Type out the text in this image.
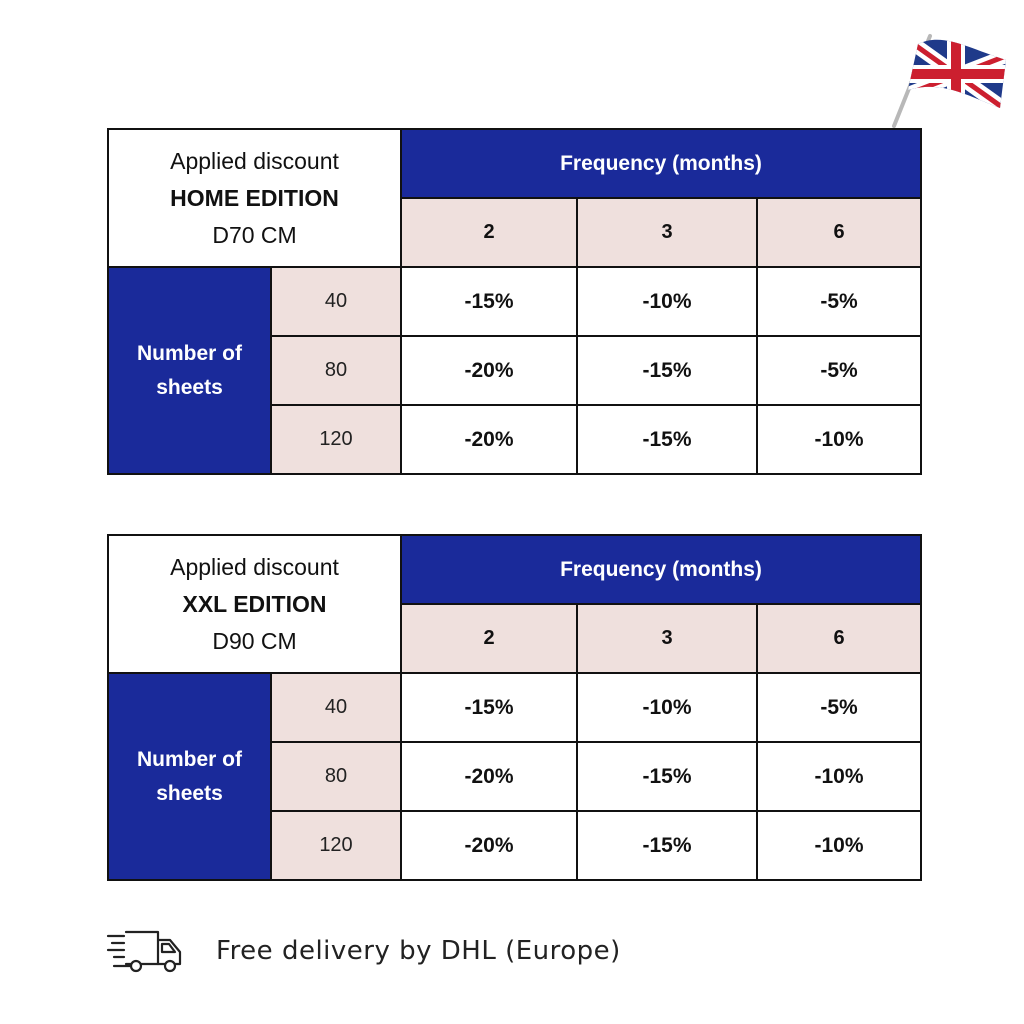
Applied discount
HOME EDITION
D70 CM		Frequency (months)		
		2	3	6

Number of
sheets	40	-15%	-10%	-5%
	80	-20%	-15%	-5%
	120	-20%	-15%	-10%
Applied discount
XXL EDITION
D90 CM		Frequency (months)		
		2	3	6

Number of
sheets	40	-15%	-10%	-5%
	80	-20%	-15%	-10%
	120	-20%	-15%	-10%
Free delivery by DHL (Europe)
